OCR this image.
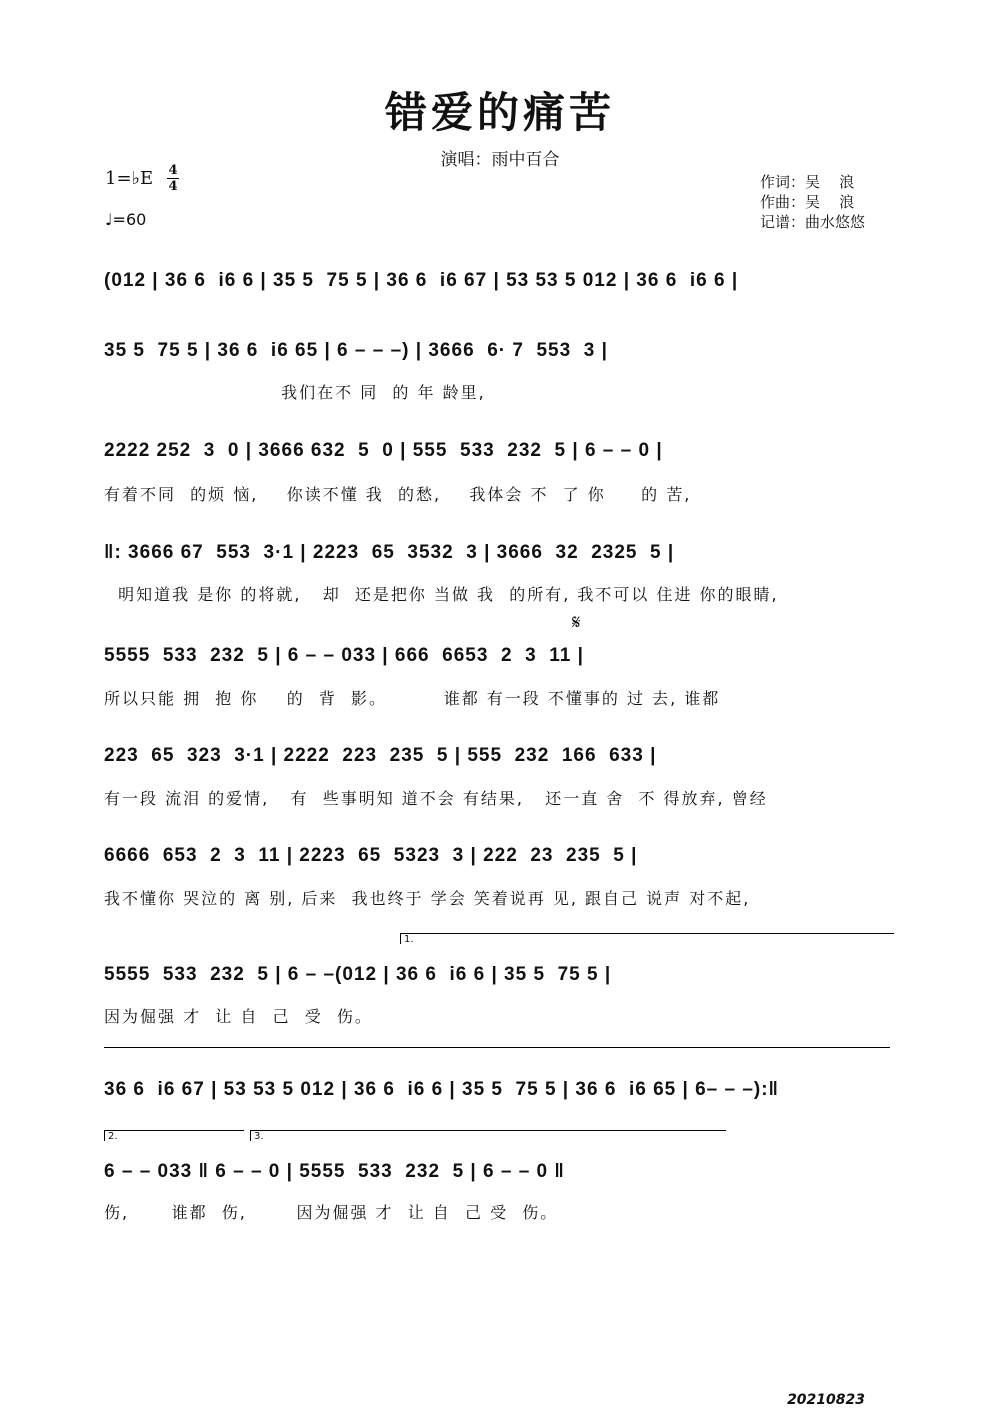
错爱的痛苦
演唱：雨中百合
1=♭E 4
4
♩=60
作词：吴    浪
作曲：吴    浪
记谱：曲水悠悠
(012 | 36 6  i6 6 | 35 5  75 5 | 36 6  i6 67 | 53 53 5 012 | 36 6  i6 6 |
35 5  75 5 | 36 6  i6 65 | 6 – – –) | 3666  6· 7  553  3 |
我们在不 同  的 年 龄里,
2222 252  3  0 | 3666 632  5  0 | 555  533  232  5 | 6 – – 0 |
有着不同  的烦 恼,    你读不懂 我  的愁,    我体会 不  了 你     的 苦,
‖: 3666 67  553  3·1 | 2223  65  3532  3 | 3666  32  2325  5 |
明知道我 是你 的将就,   却  还是把你 当做 我  的所有, 我不可以 住进 你的眼睛,
𝄋
5555  533  232  5 | 6 – – 033 | 666  6653  2  3  11 |
所以只能 拥  抱 你    的  背  影。        谁都 有一段 不懂事的 过 去, 谁都
223  65  323  3·1 | 2222  223  235  5 | 555  232  166  633 |
有一段 流泪 的爱情,   有  些事明知 道不会 有结果,   还一直 舍  不 得放弃, 曾经
6666  653  2  3  11 | 2223  65  5323  3 | 222  23  235  5 |
我不懂你 哭泣的 离 别, 后来  我也终于 学会 笑着说再 见, 跟自己 说声 对不起,
1.
5555  533  232  5 | 6 – –(012 | 36 6  i6 6 | 35 5  75 5 |
因为倔强 才  让 自  己  受  伤。
36 6  i6 67 | 53 53 5 012 | 36 6  i6 6 | 35 5  75 5 | 36 6  i6 65 | 6– – –):‖
2.	3.
6 – – 033 ‖ 6 – – 0 | 5555  533  232  5 | 6 – – 0 ‖
伤,      谁都  伤,       因为倔强 才  让 自  己 受  伤。
20210823
